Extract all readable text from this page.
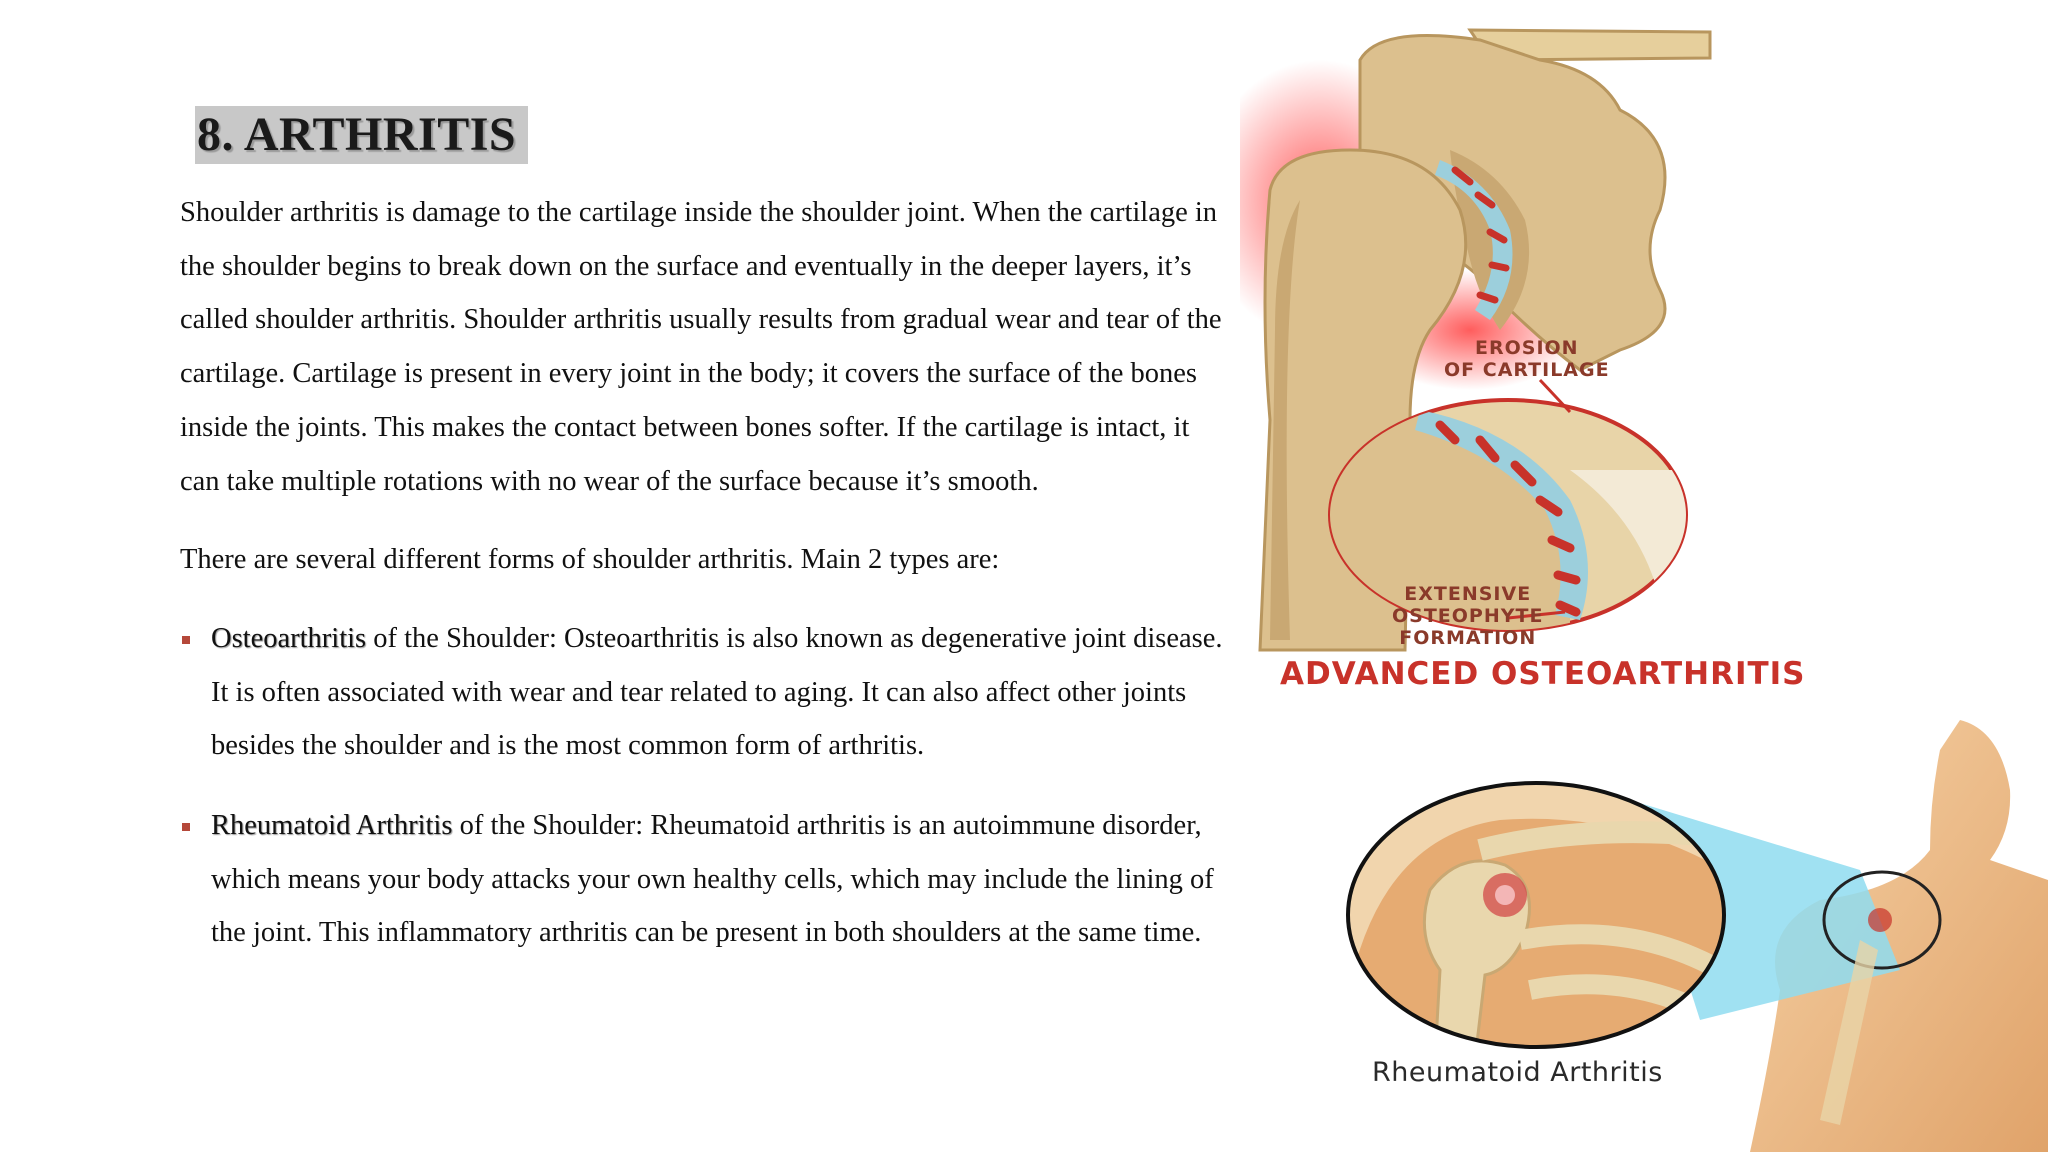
8. ARTHRITIS

Shoulder arthritis is damage to the cartilage inside the shoulder joint. When the cartilage in the shoulder begins to break down on the surface and eventually in the deeper layers, it’s called shoulder arthritis. Shoulder arthritis usually results from gradual wear and tear of the cartilage. Cartilage is present in every joint in the body; it covers the surface of the bones inside the joints. This makes the contact between bones softer. If the cartilage is intact, it can take multiple rotations with no wear of the surface because it’s smooth.

There are several different forms of shoulder arthritis. Main 2 types are:

Osteoarthritis of the Shoulder: Osteoarthritis is also known as degenerative joint disease. It is often associated with wear and tear related to aging. It can also affect other joints besides the shoulder and is the most common form of arthritis.
Rheumatoid Arthritis of the Shoulder: Rheumatoid arthritis is an autoimmune disorder, which means your body attacks your own healthy cells, which may include the lining of the joint. This inflammatory arthritis can be present in both shoulders at the same time.
EROSION
OF CARTILAGE
EXTENSIVE
OSTEOPHYTE
FORMATION
ADVANCED OSTEOARTHRITIS
Rheumatoid Arthritis
